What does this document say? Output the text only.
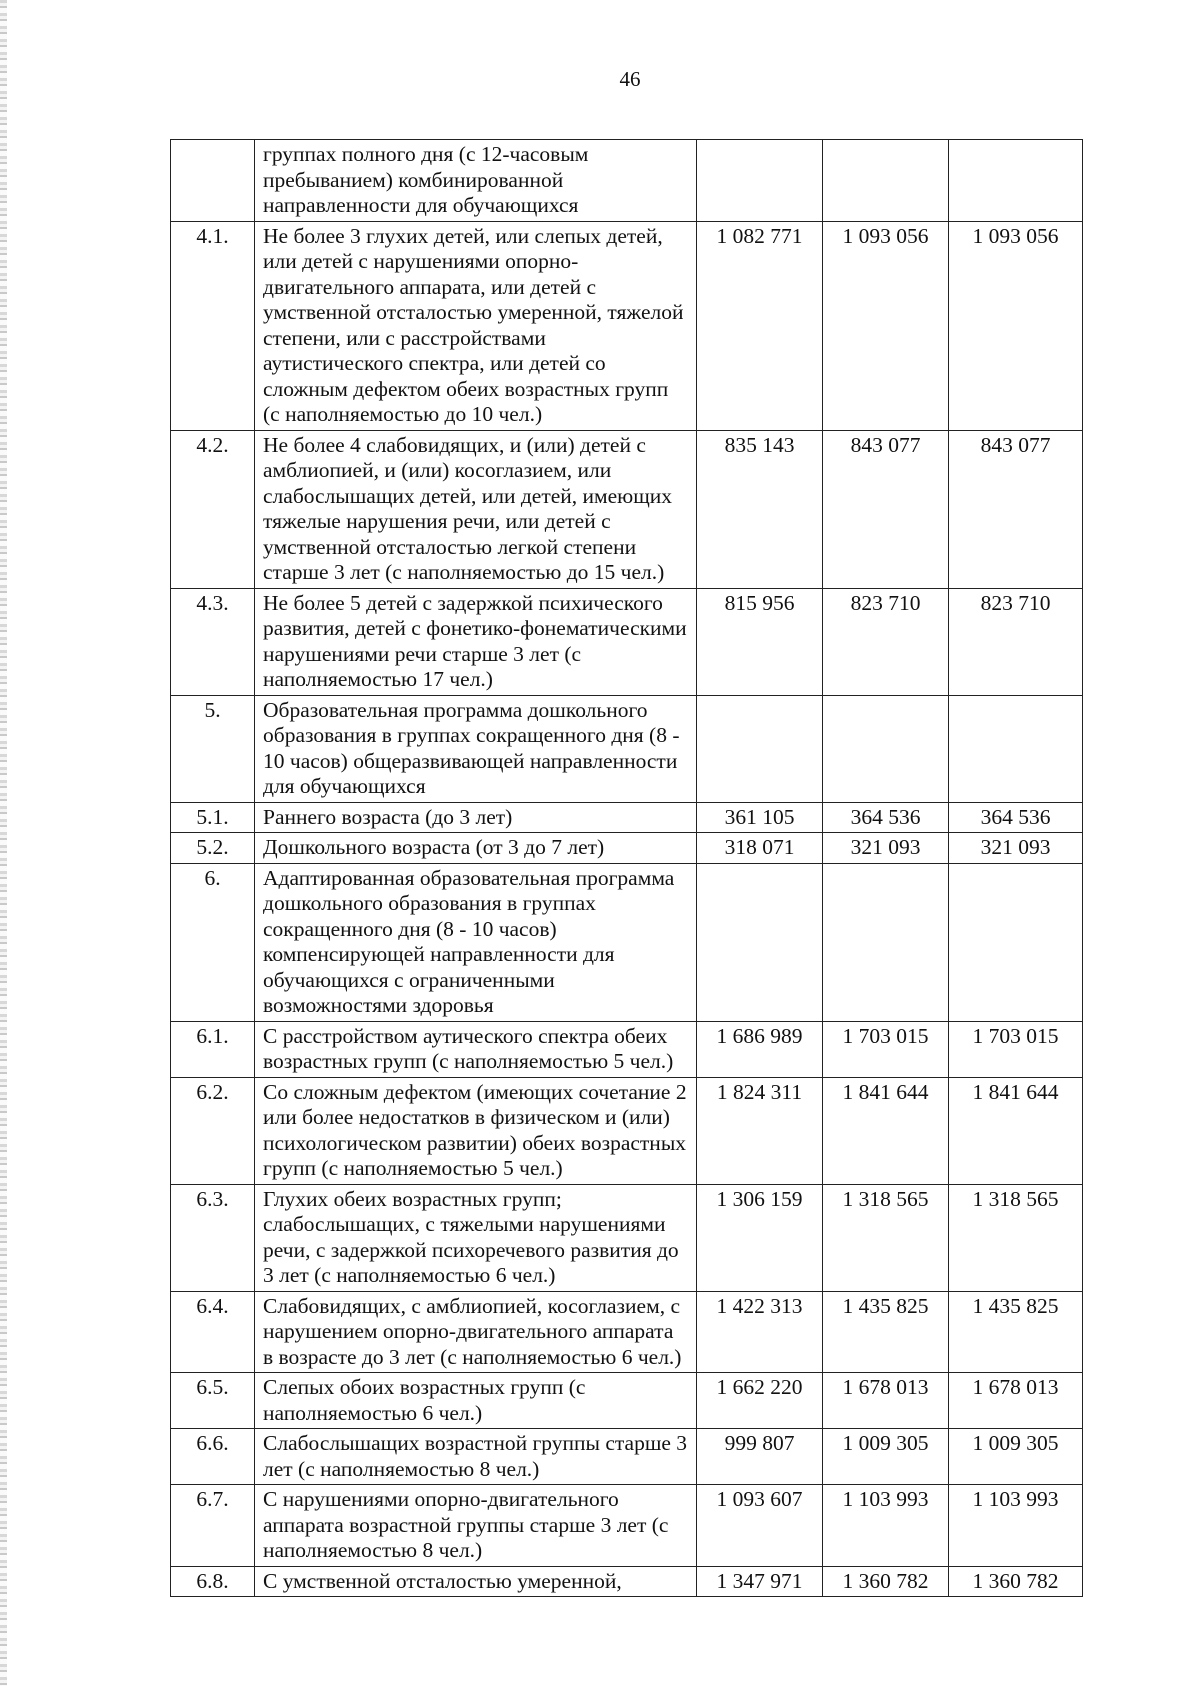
46
	группах полного дня (с 12-часовым пребыванием) комбинированной направленности для обучающихся			
4.1.	Не более 3 глухих детей, или слепых детей, или детей с нарушениями опорно-двигательного аппарата, или детей с умственной отсталостью умеренной, тяжелой степени, или с расстройствами аутистического спектра, или детей со сложным дефектом обеих возрастных групп (с наполняемостью до 10 чел.)	1 082 771	1 093 056	1 093 056
4.2.	Не более 4 слабовидящих, и (или) детей с амблиопией, и (или) косоглазием, или слабослышащих детей, или детей, имеющих тяжелые нарушения речи, или детей с умственной отсталостью легкой степени старше 3 лет (с наполняемостью до 15 чел.)	835 143	843 077	843 077
4.3.	Не более 5 детей с задержкой психического развития, детей с фонетико-фонематическими нарушениями речи старше 3 лет (с наполняемостью 17 чел.)	815 956	823 710	823 710
5.	Образовательная программа дошкольного образования в группах сокращенного дня (8 - 10 часов) общеразвивающей направленности для обучающихся			
5.1.	Раннего возраста (до 3 лет)	361 105	364 536	364 536
5.2.	Дошкольного возраста (от 3 до 7 лет)	318 071	321 093	321 093
6.	Адаптированная образовательная программа дошкольного образования в группах сокращенного дня (8 - 10 часов) компенсирующей направленности для обучающихся с ограниченными возможностями здоровья			
6.1.	С расстройством аутического спектра обеих возрастных групп (с наполняемостью 5 чел.)	1 686 989	1 703 015	1 703 015
6.2.	Со сложным дефектом (имеющих сочетание 2 или более недостатков в физическом и (или) психологическом развитии) обеих возрастных групп (с наполняемостью 5 чел.)	1 824 311	1 841 644	1 841 644
6.3.	Глухих обеих возрастных групп; слабослышащих, с тяжелыми нарушениями речи, с задержкой психоречевого развития до 3 лет (с наполняемостью 6 чел.)	1 306 159	1 318 565	1 318 565
6.4.	Слабовидящих, с амблиопией, косоглазием, с нарушением опорно-двигательного аппарата в возрасте до 3 лет (с наполняемостью 6 чел.)	1 422 313	1 435 825	1 435 825
6.5.	Слепых обоих возрастных групп (с наполняемостью 6 чел.)	1 662 220	1 678 013	1 678 013
6.6.	Слабослышащих возрастной группы старше 3 лет (с наполняемостью 8 чел.)	999 807	1 009 305	1 009 305
6.7.	С нарушениями опорно-двигательного аппарата возрастной группы старше 3 лет (с наполняемостью 8 чел.)	1 093 607	1 103 993	1 103 993
6.8.	С умственной отсталостью умеренной,	1 347 971	1 360 782	1 360 782
